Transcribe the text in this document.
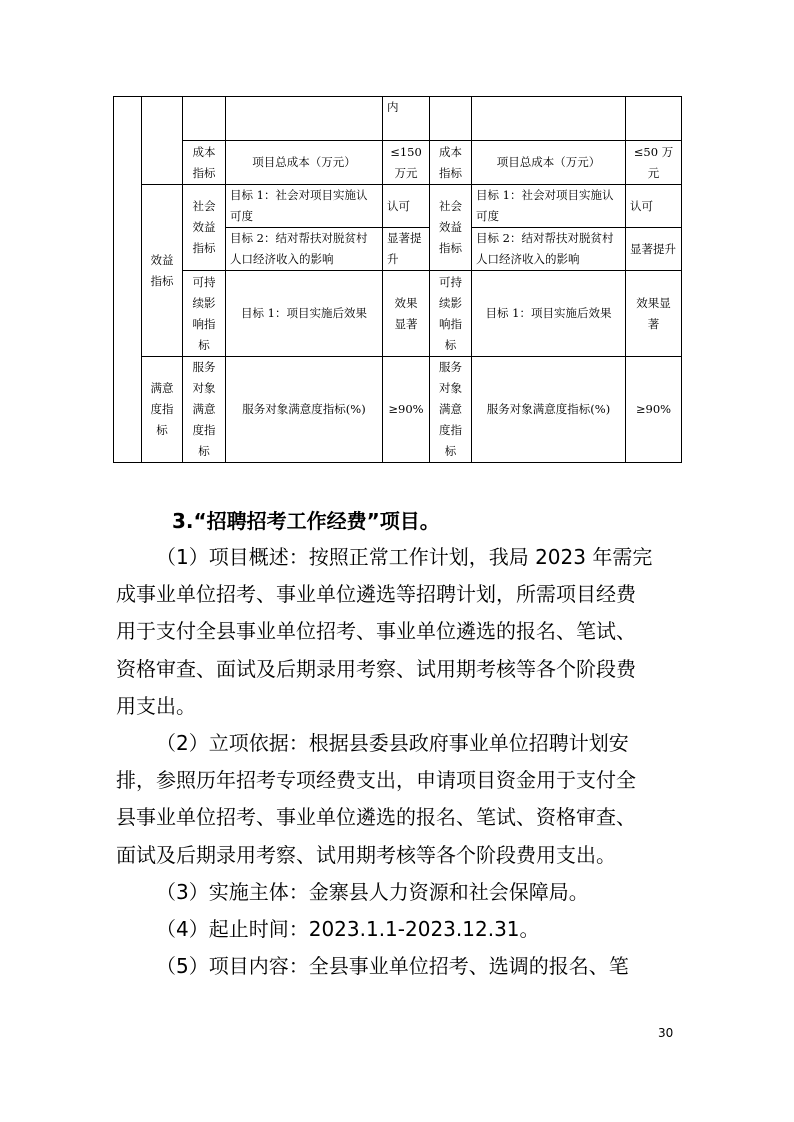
				内			
		成本指标	项目总成本（万元）	≤150万元	成本指标	项目总成本（万元）	≤50 万元
	效益指标	社会效益指标	目标 1：社会对项目实施认可度	认可	社会效益指标	目标 1：社会对项目实施认可度	认可
			目标 2：结对帮扶对脱贫村人口经济收入的影响	显著提升		目标 2：结对帮扶对脱贫村人口经济收入的影响	显著提升
		可持续影响指标	目标 1：项目实施后效果	效果显著	可持续影响指标	目标 1：项目实施后效果	效果显著
	满意度指标	服务对象满意度指标	服务对象满意度指标(%)	≥90%	服务对象满意度指标	服务对象满意度指标(%)	≥90%
3.“招聘招考工作经费”项目。

（1）项目概述：按照正常工作计划，我局 2023 年需完
成事业单位招考、事业单位遴选等招聘计划，所需项目经费
用于支付全县事业单位招考、事业单位遴选的报名、笔试、
资格审查、面试及后期录用考察、试用期考核等各个阶段费
用支出。

（2）立项依据：根据县委县政府事业单位招聘计划安
排，参照历年招考专项经费支出，申请项目资金用于支付全
县事业单位招考、事业单位遴选的报名、笔试、资格审查、
面试及后期录用考察、试用期考核等各个阶段费用支出。

（3）实施主体：金寨县人力资源和社会保障局。

（4）起止时间：2023.1.1-2023.12.31。

（5）项目内容：全县事业单位招考、选调的报名、笔

30
